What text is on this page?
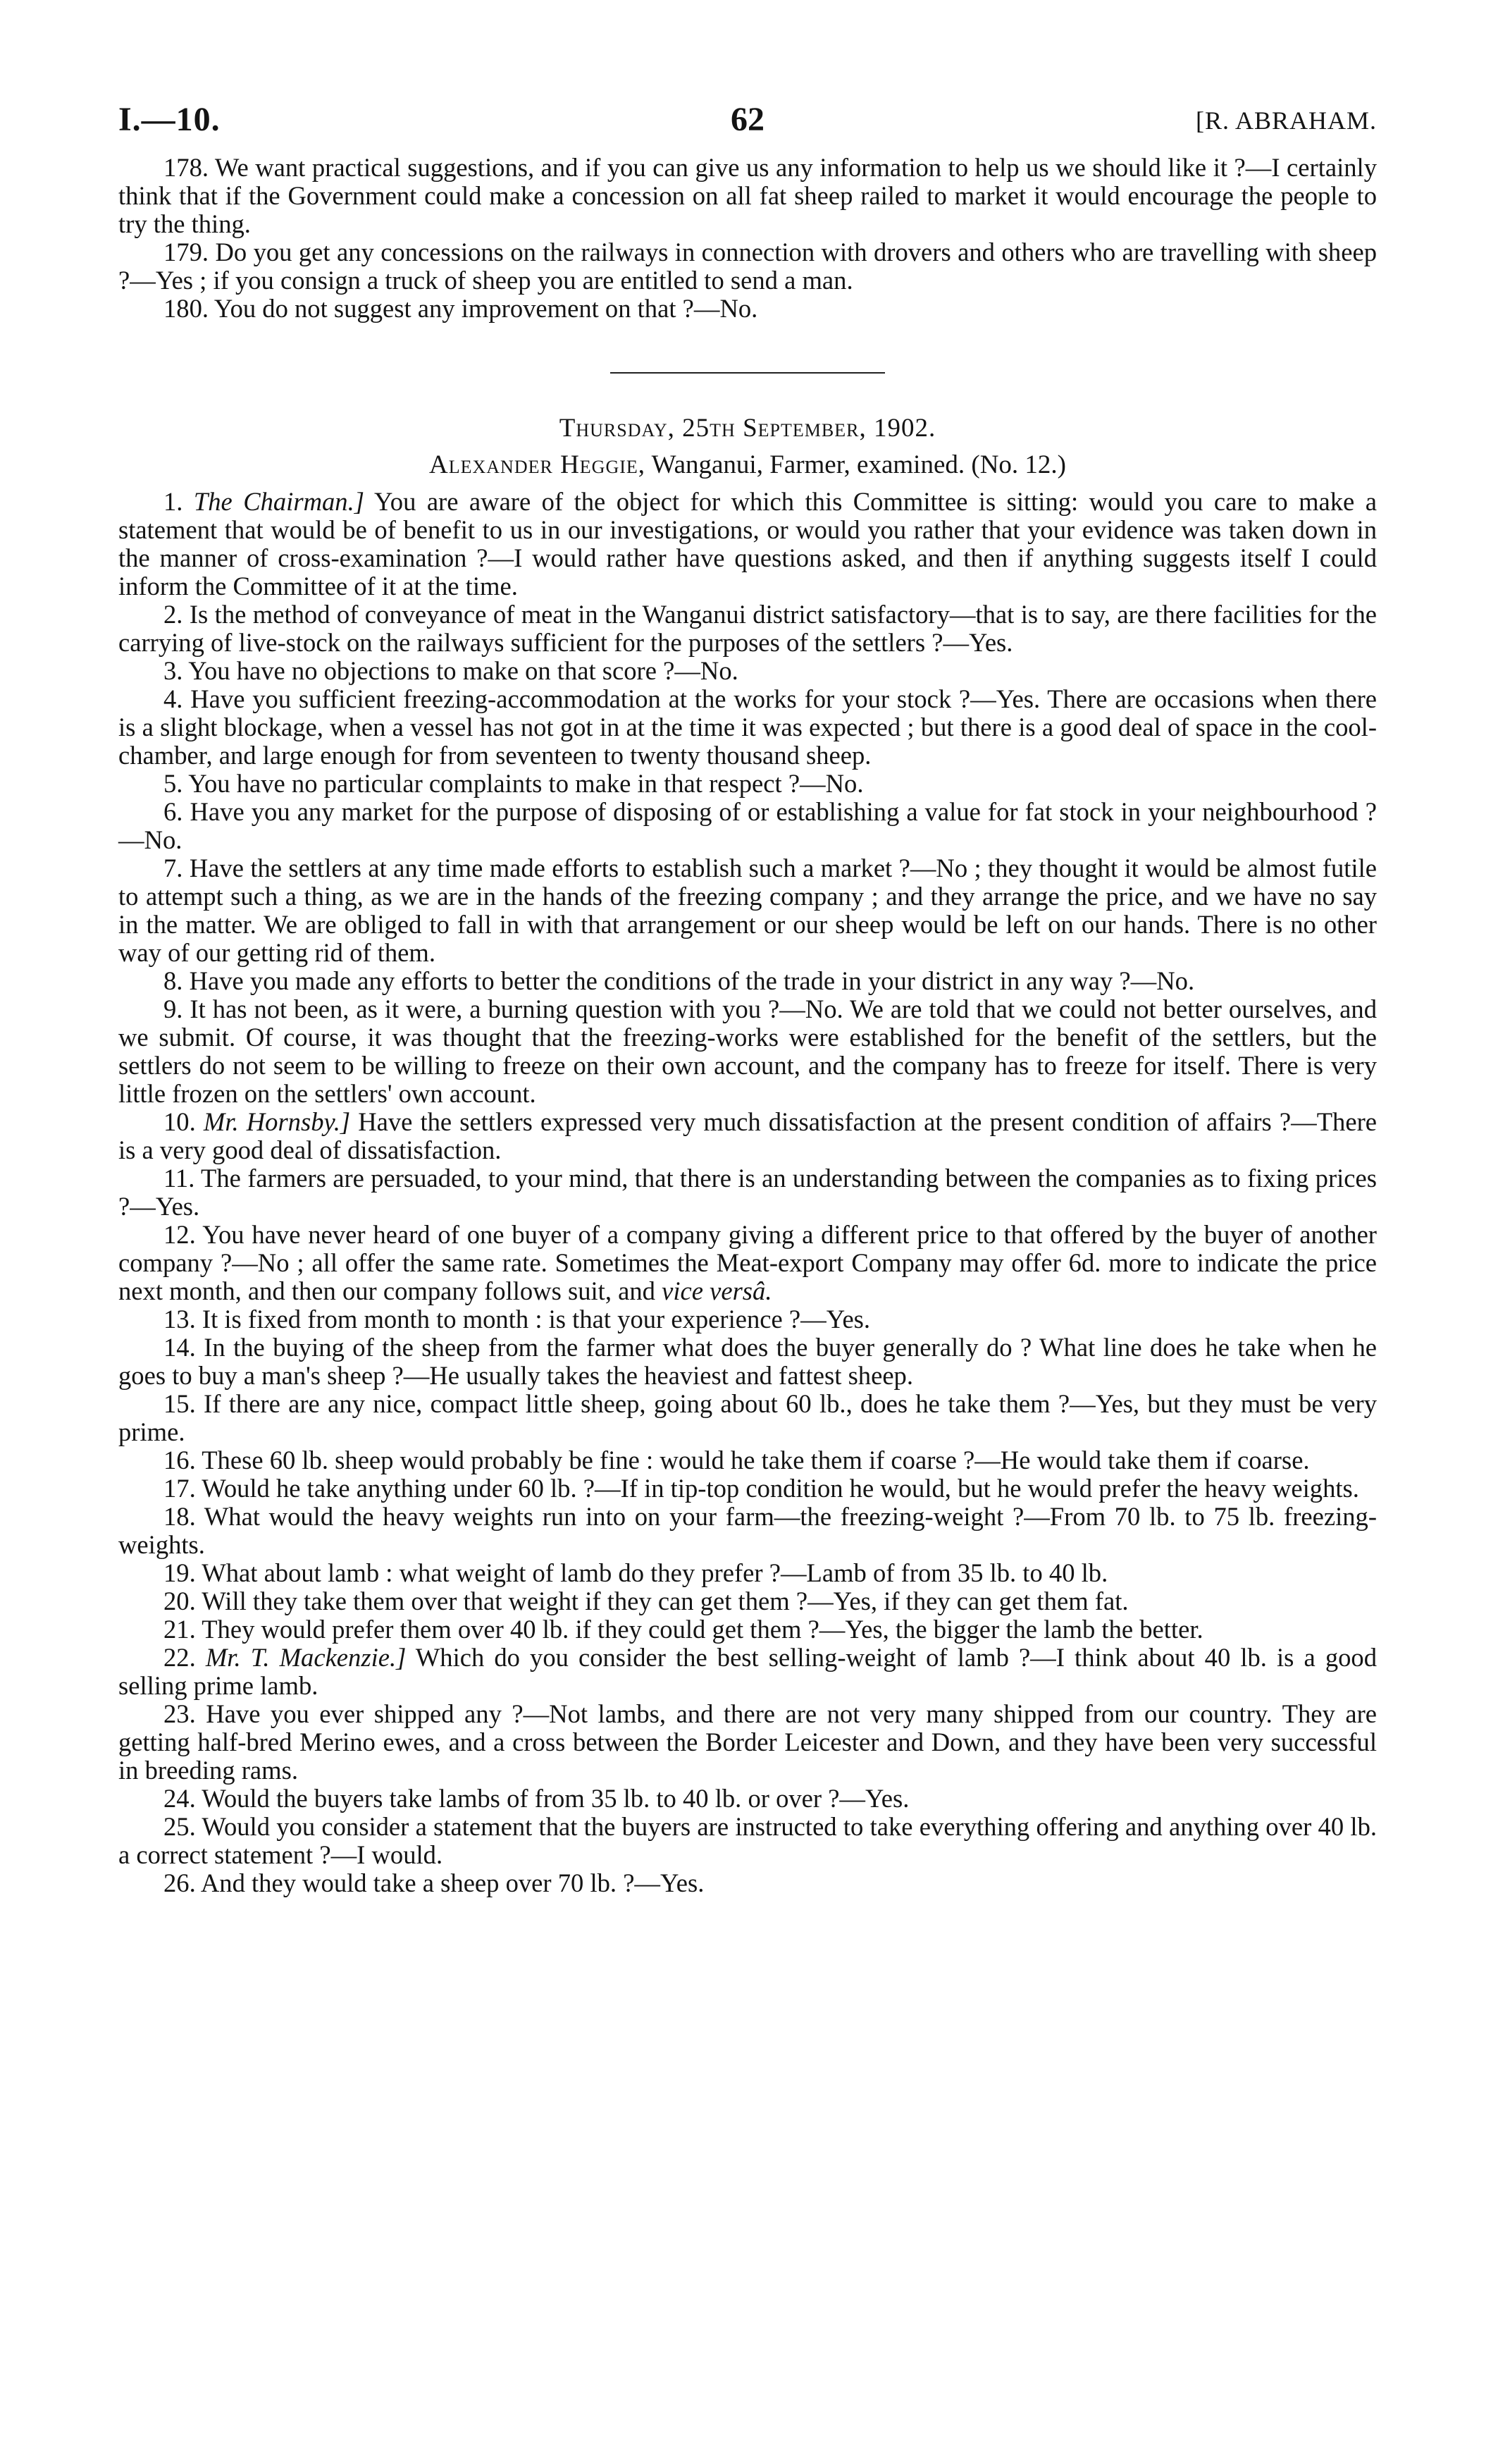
I.—10.	62	[R. ABRAHAM.

178. We want practical suggestions, and if you can give us any information to help us we should like it ?—I certainly think that if the Government could make a concession on all fat sheep railed to market it would encourage the people to try the thing.

179. Do you get any concessions on the railways in connection with drovers and others who are travelling with sheep ?—Yes ; if you consign a truck of sheep you are entitled to send a man.

180. You do not suggest any improvement on that ?—No.

Thursday, 25th September, 1902.
Alexander Heggie, Wanganui, Farmer, examined. (No. 12.)

1. The Chairman.] You are aware of the object for which this Committee is sitting: would you care to make a statement that would be of benefit to us in our investigations, or would you rather that your evidence was taken down in the manner of cross-examination ?—I would rather have questions asked, and then if anything suggests itself I could inform the Committee of it at the time.

2. Is the method of conveyance of meat in the Wanganui district satisfactory—that is to say, are there facilities for the carrying of live-stock on the railways sufficient for the purposes of the settlers ?—Yes.

3. You have no objections to make on that score ?—No.

4. Have you sufficient freezing-accommodation at the works for your stock ?—Yes. There are occasions when there is a slight blockage, when a vessel has not got in at the time it was expected ; but there is a good deal of space in the cool-chamber, and large enough for from seventeen to twenty thousand sheep.

5. You have no particular complaints to make in that respect ?—No.

6. Have you any market for the purpose of disposing of or establishing a value for fat stock in your neighbourhood ?—No.

7. Have the settlers at any time made efforts to establish such a market ?—No ; they thought it would be almost futile to attempt such a thing, as we are in the hands of the freezing company ; and they arrange the price, and we have no say in the matter. We are obliged to fall in with that arrangement or our sheep would be left on our hands. There is no other way of our getting rid of them.

8. Have you made any efforts to better the conditions of the trade in your district in any way ?—No.

9. It has not been, as it were, a burning question with you ?—No. We are told that we could not better ourselves, and we submit. Of course, it was thought that the freezing-works were established for the benefit of the settlers, but the settlers do not seem to be willing to freeze on their own account, and the company has to freeze for itself. There is very little frozen on the settlers' own account.

10. Mr. Hornsby.] Have the settlers expressed very much dissatisfaction at the present condition of affairs ?—There is a very good deal of dissatisfaction.

11. The farmers are persuaded, to your mind, that there is an understanding between the companies as to fixing prices ?—Yes.

12. You have never heard of one buyer of a company giving a different price to that offered by the buyer of another company ?—No ; all offer the same rate. Sometimes the Meat-export Company may offer 6d. more to indicate the price next month, and then our company follows suit, and vice versâ.

13. It is fixed from month to month : is that your experience ?—Yes.

14. In the buying of the sheep from the farmer what does the buyer generally do ? What line does he take when he goes to buy a man's sheep ?—He usually takes the heaviest and fattest sheep.

15. If there are any nice, compact little sheep, going about 60 lb., does he take them ?—Yes, but they must be very prime.

16. These 60 lb. sheep would probably be fine : would he take them if coarse ?—He would take them if coarse.

17. Would he take anything under 60 lb. ?—If in tip-top condition he would, but he would prefer the heavy weights.

18. What would the heavy weights run into on your farm—the freezing-weight ?—From 70 lb. to 75 lb. freezing-weights.

19. What about lamb : what weight of lamb do they prefer ?—Lamb of from 35 lb. to 40 lb.

20. Will they take them over that weight if they can get them ?—Yes, if they can get them fat.

21. They would prefer them over 40 lb. if they could get them ?—Yes, the bigger the lamb the better.

22. Mr. T. Mackenzie.] Which do you consider the best selling-weight of lamb ?—I think about 40 lb. is a good selling prime lamb.

23. Have you ever shipped any ?—Not lambs, and there are not very many shipped from our country. They are getting half-bred Merino ewes, and a cross between the Border Leicester and Down, and they have been very successful in breeding rams.

24. Would the buyers take lambs of from 35 lb. to 40 lb. or over ?—Yes.

25. Would you consider a statement that the buyers are instructed to take everything offering and anything over 40 lb. a correct statement ?—I would.

26. And they would take a sheep over 70 lb. ?—Yes.
